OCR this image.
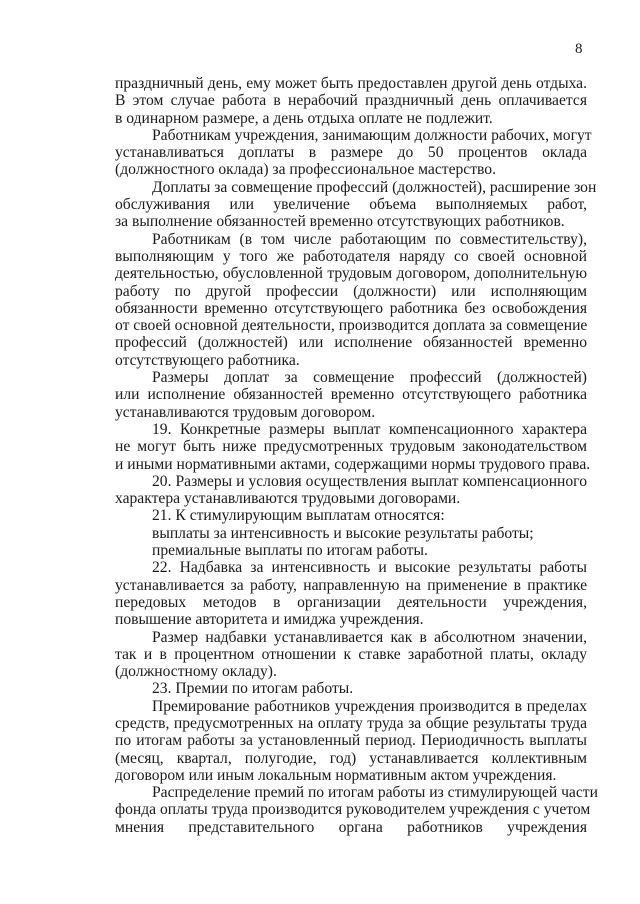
8
праздничный день, ему может быть предоставлен другой день отдыха.
В этом случае работа в нерабочий праздничный день оплачивается
в одинарном размере, а день отдыха оплате не подлежит.
Работникам учреждения, занимающим должности рабочих, могут
устанавливаться доплаты в размере до 50 процентов оклада
(должностного оклада) за профессиональное мастерство.
Доплаты за совмещение профессий (должностей), расширение зон
обслуживания или увеличение объема выполняемых работ,
за выполнение обязанностей временно отсутствующих работников.
Работникам (в том числе работающим по совместительству),
выполняющим у того же работодателя наряду со своей основной
деятельностью, обусловленной трудовым договором, дополнительную
работу по другой профессии (должности) или исполняющим
обязанности временно отсутствующего работника без освобождения
от своей основной деятельности, производится доплата за совмещение
профессий (должностей) или исполнение обязанностей временно
отсутствующего работника.
Размеры доплат за совмещение профессий (должностей)
или исполнение обязанностей временно отсутствующего работника
устанавливаются трудовым договором.
19. Конкретные размеры выплат компенсационного характера
не могут быть ниже предусмотренных трудовым законодательством
и иными нормативными актами, содержащими нормы трудового права.
20. Размеры и условия осуществления выплат компенсационного
характера устанавливаются трудовыми договорами.
21. К стимулирующим выплатам относятся:
выплаты за интенсивность и высокие результаты работы;
премиальные выплаты по итогам работы.
22. Надбавка за интенсивность и высокие результаты работы
устанавливается за работу, направленную на применение в практике
передовых методов в организации деятельности учреждения,
повышение авторитета и имиджа учреждения.
Размер надбавки устанавливается как в абсолютном значении,
так и в процентном отношении к ставке заработной платы, окладу
(должностному окладу).
23. Премии по итогам работы.
Премирование работников учреждения производится в пределах
средств, предусмотренных на оплату труда за общие результаты труда
по итогам работы за установленный период. Периодичность выплаты
(месяц, квартал, полугодие, год) устанавливается коллективным
договором или иным локальным нормативным актом учреждения.
Распределение премий по итогам работы из стимулирующей части
фонда оплаты труда производится руководителем учреждения с учетом
мнения представительного органа работников учреждения
